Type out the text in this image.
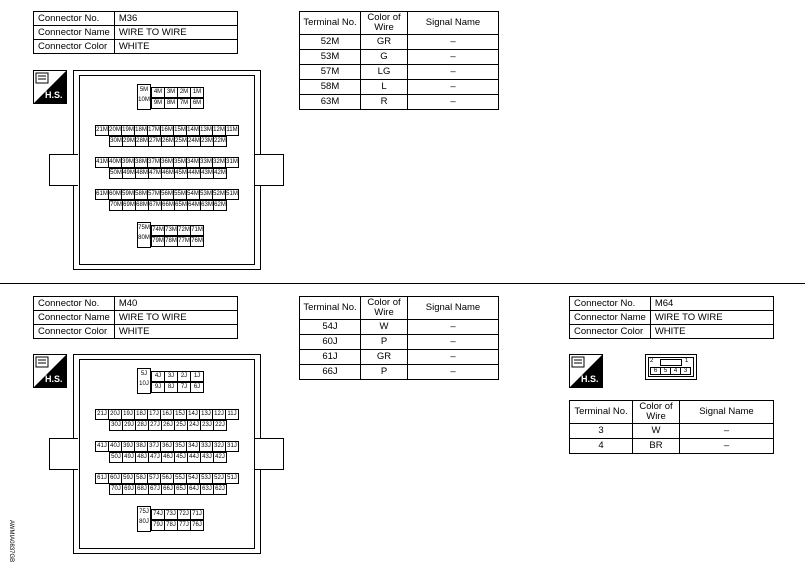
Connector No.	M36
Connector Name	WIRE TO WIRE
Connector Color	WHITE
Terminal No.	Color of Wire	Signal Name
52M	GR	–
53M	G	–
57M	LG	–
58M	L	–
63M	R	–
H.S.	5M
10M
4M 3M 2M 1M
9M 8M 7M 6M
21M 20M 19M 18M 17M 16M 15M 14M 13M 12M 11M
30M 29M 28M 27M 26M 25M 24M 23M 22M
41M 40M 39M 38M 37M 36M 35M 34M 33M 32M 31M
50M 49M 48M 47M 46M 45M 44M 43M 42M
61M 60M 59M 58M 57M 56M 55M 54M 53M 52M 51M
70M 69M 68M 67M 66M 65M 64M 63M 62M
75M
80M
74M 73M 72M 71M
79M 78M 77M 76M
Connector No.	M40
Connector Name	WIRE TO WIRE
Connector Color	WHITE
Terminal No.	Color of Wire	Signal Name
54J	W	–
60J	P	–
61J	GR	–
66J	P	–
H.S.	5J
10J
4J	3J	2J	1J
9J	8J	7J	6J
21J 20J 19J 18J 17J 16J 15J 14J 13J 12J 11J
30J 29J 28J 27J 26J 25J 24J 23J 22J
41J 40J 39J 38J 37J 36J 35J 34J 33J 32J 31J
50J 49J 48J 47J 46J 45J 44J 43J 42J
61J 60J 59J 58J 57J 56J 55J 54J 53J 52J 51J
70J 69J 68J 67J 66J 65J 64J 63J 62J
75J
80J
74J 73J 72J 71J
79J 78J 77J 76J
Connector No.	M64
Connector Name	WIRE TO WIRE
Connector Color	WHITE
H.S.
2	1
6	5	4	3
Terminal No.	Color of Wire	Signal Name
3	W	–
4	BR	–
AWMIA0837GB
